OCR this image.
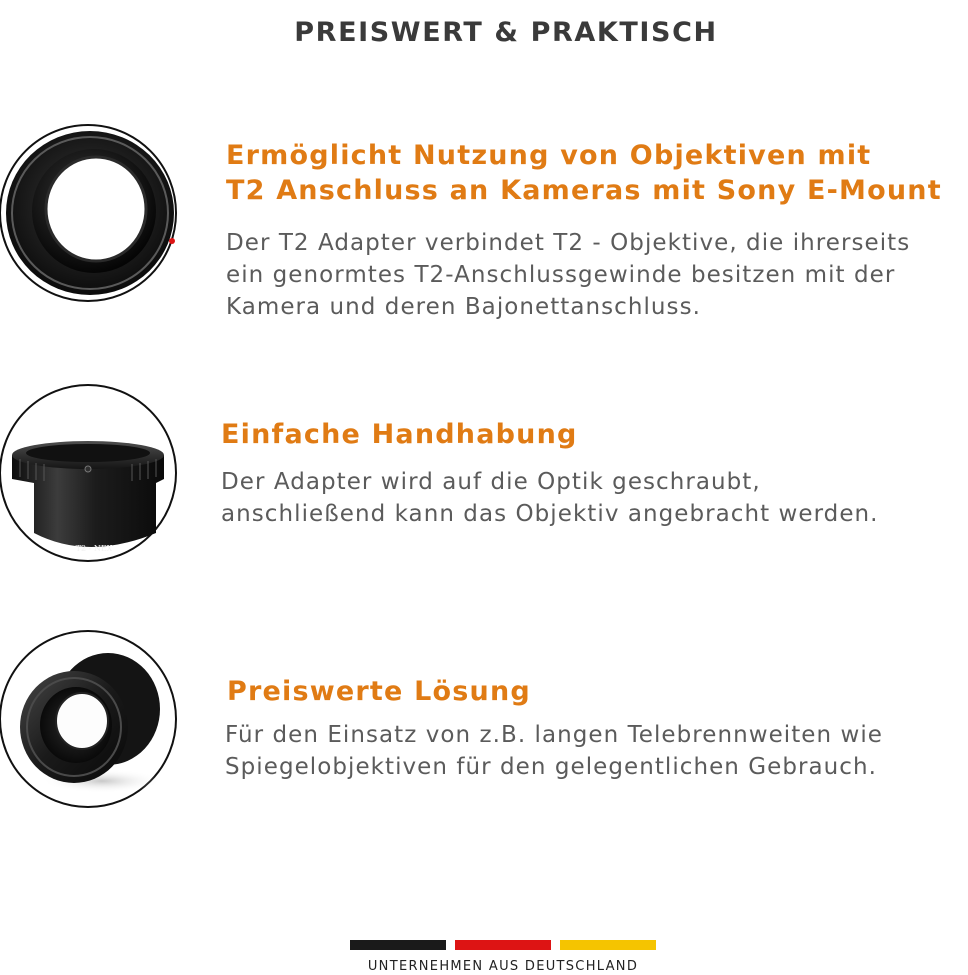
PREISWERT & PRAKTISCH
Ermöglicht Nutzung von Objektiven mit
T2 Anschluss an Kameras mit Sony E-Mount

Der T2 Adapter verbindet T2 - Objektive, die ihrerseits
ein genormtes T2-Anschlussgewinde besitzen mit der
Kamera und deren Bajonettanschluss.

T2 - NEX
Einfache Handhabung

Der Adapter wird auf die Optik geschraubt,
anschließend kann das Objektiv angebracht werden.

Preiswerte Lösung

Für den Einsatz von z.B. langen Telebrennweiten wie
Spiegelobjektiven für den gelegentlichen Gebrauch.

UNTERNEHMEN AUS DEUTSCHLAND
